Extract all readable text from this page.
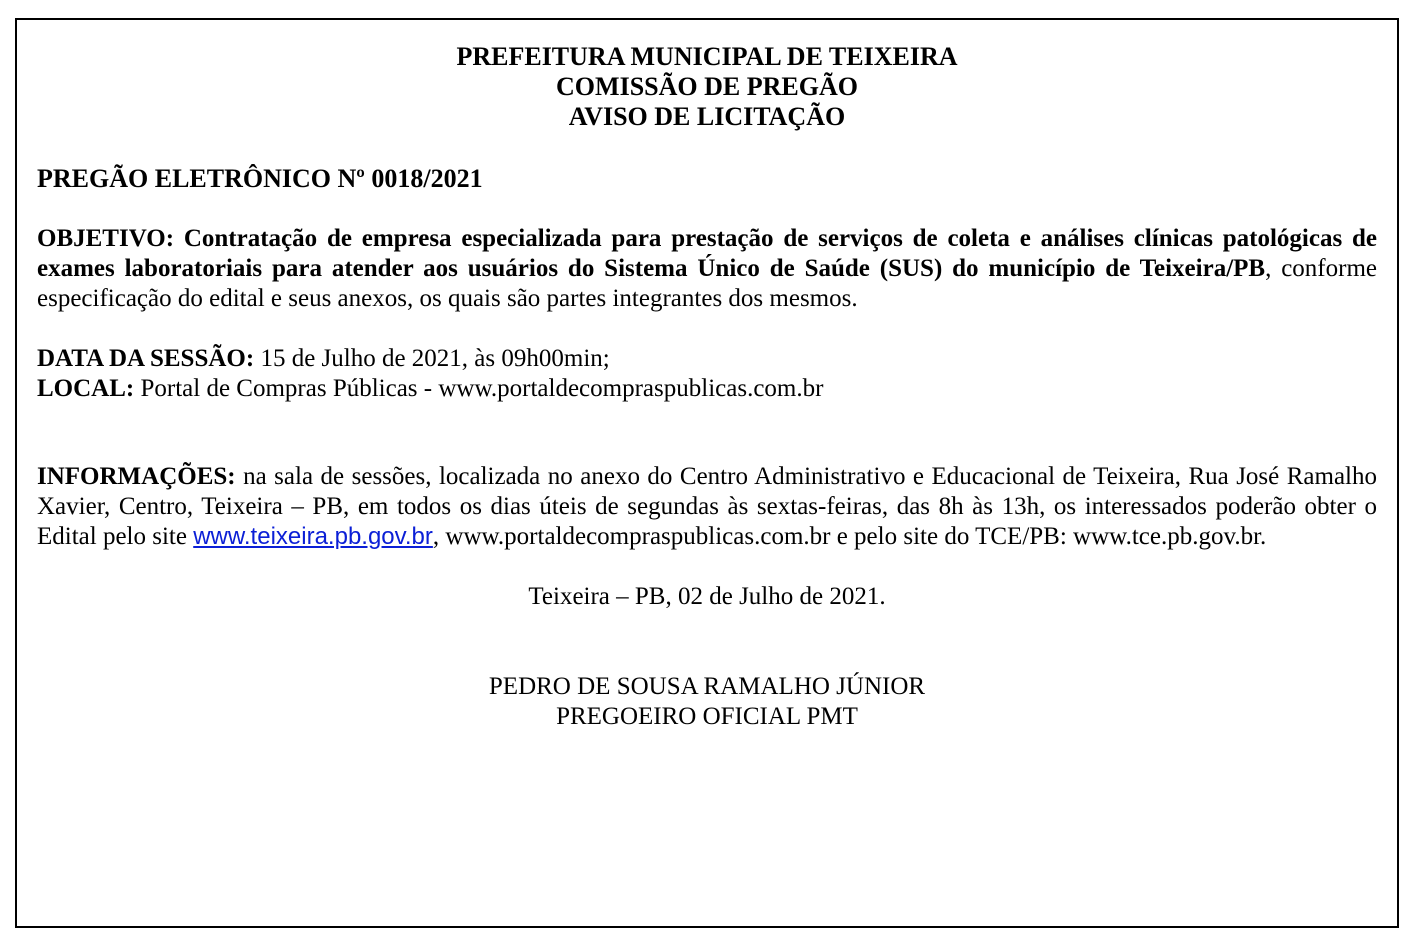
PREFEITURA MUNICIPAL DE TEIXEIRA
COMISSÃO DE PREGÃO
AVISO DE LICITAÇÃO
PREGÃO ELETRÔNICO Nº 0018/2021

OBJETIVO: Contratação de empresa especializada para prestação de serviços de coleta e análises clínicas patológicas de exames laboratoriais para atender aos usuários do Sistema Único de Saúde (SUS) do município de Teixeira/PB, conforme especificação do edital e seus anexos, os quais são partes integrantes dos mesmos.

DATA DA SESSÃO: 15 de Julho de 2021, às 09h00min;
LOCAL: Portal de Compras Públicas - www.portaldecompraspublicas.com.br

INFORMAÇÕES: na sala de sessões, localizada no anexo do Centro Administrativo e Educacional de Teixeira, Rua José Ramalho Xavier, Centro, Teixeira – PB, em todos os dias úteis de segundas às sextas-feiras, das 8h às 13h, os interessados poderão obter o Edital pelo site www.teixeira.pb.gov.br, www.portaldecompraspublicas.com.br e pelo site do TCE/PB: www.tce.pb.gov.br.

Teixeira – PB, 02 de Julho de 2021.
PEDRO DE SOUSA RAMALHO JÚNIOR
PREGOEIRO OFICIAL PMT
